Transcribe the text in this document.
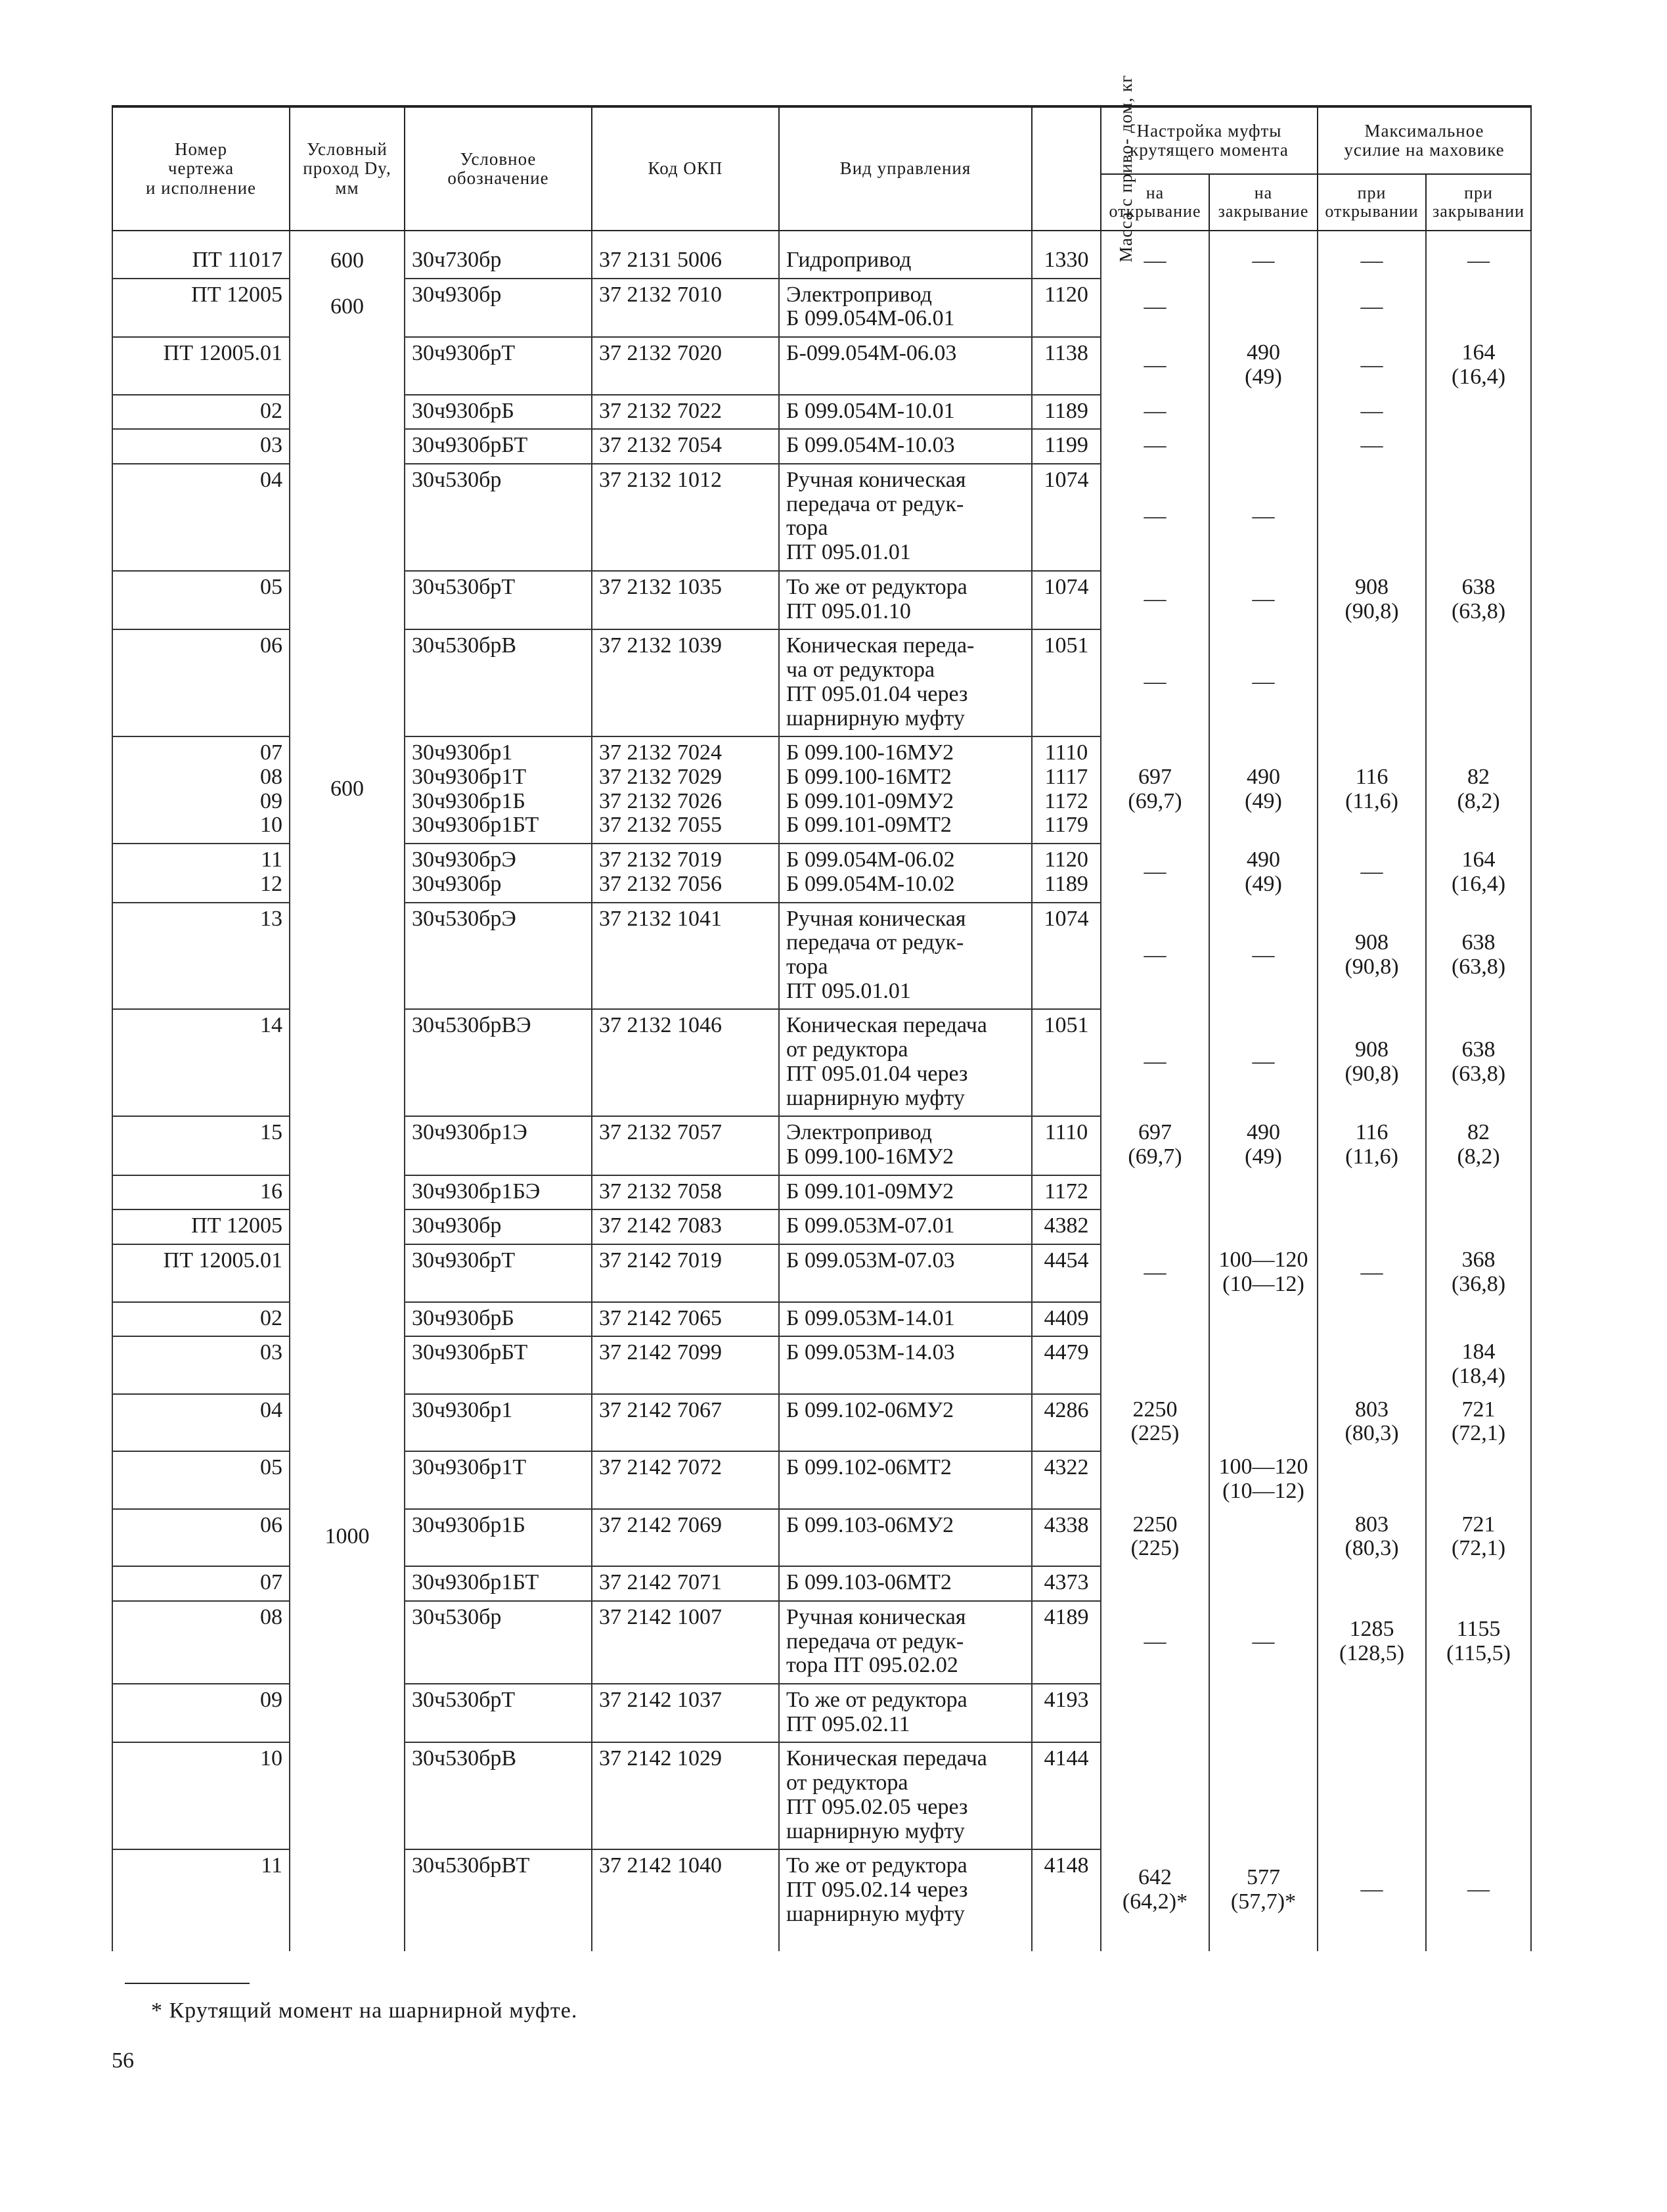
Номер
чертежа
и исполнение	Условный
проход Dy,
мм	Условное
обозначение	Код ОКП	Вид управления	Масса с приво- дом, кг	Настройка муфты
крутящего момента		Максимальное
усилие на маховике	
						на
открывание	на
закрывание	при
открывании	при
закрывании
ПТ 11017	600	30ч730бр	37 2131 5006	Гидропривод	1330	—	—	—	—
ПТ 12005	600	30ч930бр	37 2132 7010	Электропривод
Б 099.054М-06.01	1120	—		—	
ПТ 12005.01		30ч930брТ	37 2132 7020	Б-099.054М-06.03	1138	—	490
(49)	—	164
(16,4)
02		30ч930брБ	37 2132 7022	Б 099.054М-10.01	1189	—		—	
03		30ч930брБТ	37 2132 7054	Б 099.054М-10.03	1199	—		—	
04		30ч530бр	37 2132 1012	Ручная коническая
передача от редук-
тора
ПТ 095.01.01	1074	—	—		
05		30ч530брТ	37 2132 1035	То же от редуктора
ПТ 095.01.10	1074	—	—	908
(90,8)	638
(63,8)
06		30ч530брВ	37 2132 1039	Коническая переда-
ча от редуктора
ПТ 095.01.04 через
шарнирную муфту	1051	—	—		
07
08
09
10	600	30ч930бр1
30ч930бр1Т
30ч930бр1Б
30ч930бр1БТ	37 2132 7024
37 2132 7029
37 2132 7026
37 2132 7055	Б 099.100-16МУ2
Б 099.100-16МТ2
Б 099.101-09МУ2
Б 099.101-09МТ2	1110
1117
1172
1179	697
(69,7)	490
(49)	116
(11,6)	82
(8,2)
11
12		30ч930брЭ
30ч930бр	37 2132 7019
37 2132 7056	Б 099.054М-06.02
Б 099.054М-10.02	1120
1189	—	490
(49)	—	164
(16,4)
13		30ч530брЭ	37 2132 1041	Ручная коническая
передача от редук-
тора
ПТ 095.01.01	1074	—	—	908
(90,8)	638
(63,8)
14		30ч530брВЭ	37 2132 1046	Коническая передача
от редуктора
ПТ 095.01.04 через
шарнирную муфту	1051	—	—	908
(90,8)	638
(63,8)
15		30ч930бр1Э	37 2132 7057	Электропривод
Б 099.100-16МУ2	1110	697
(69,7)	490
(49)	116
(11,6)	82
(8,2)
16		30ч930бр1БЭ	37 2132 7058	Б 099.101-09МУ2	1172				
ПТ 12005		30ч930бр	37 2142 7083	Б 099.053М-07.01	4382				
ПТ 12005.01		30ч930брТ	37 2142 7019	Б 099.053М-07.03	4454	—	100—120
(10—12)	—	368
(36,8)
02		30ч930брБ	37 2142 7065	Б 099.053М-14.01	4409				
03		30ч930брБТ	37 2142 7099	Б 099.053М-14.03	4479				184
(18,4)
04		30ч930бр1	37 2142 7067	Б 099.102-06МУ2	4286	2250
(225)		803
(80,3)	721
(72,1)
05		30ч930бр1Т	37 2142 7072	Б 099.102-06МТ2	4322		100—120
(10—12)		
06	1000	30ч930бр1Б	37 2142 7069	Б 099.103-06МУ2	4338	2250
(225)		803
(80,3)	721
(72,1)
07		30ч930бр1БТ	37 2142 7071	Б 099.103-06МТ2	4373				
08		30ч530бр	37 2142 1007	Ручная коническая
передача от редук-
тора ПТ 095.02.02	4189	—	—	1285
(128,5)	1155
(115,5)
09		30ч530брТ	37 2142 1037	То же от редуктора
ПТ 095.02.11	4193				
10		30ч530брВ	37 2142 1029	Коническая передача
от редуктора
ПТ 095.02.05 через
шарнирную муфту	4144				
11		30ч530брВТ	37 2142 1040	То же от редуктора
ПТ 095.02.14 через
шарнирную муфту	4148	642
(64,2)*	577
(57,7)*	—	—
* Крутящий момент на шарнирной муфте.
56
